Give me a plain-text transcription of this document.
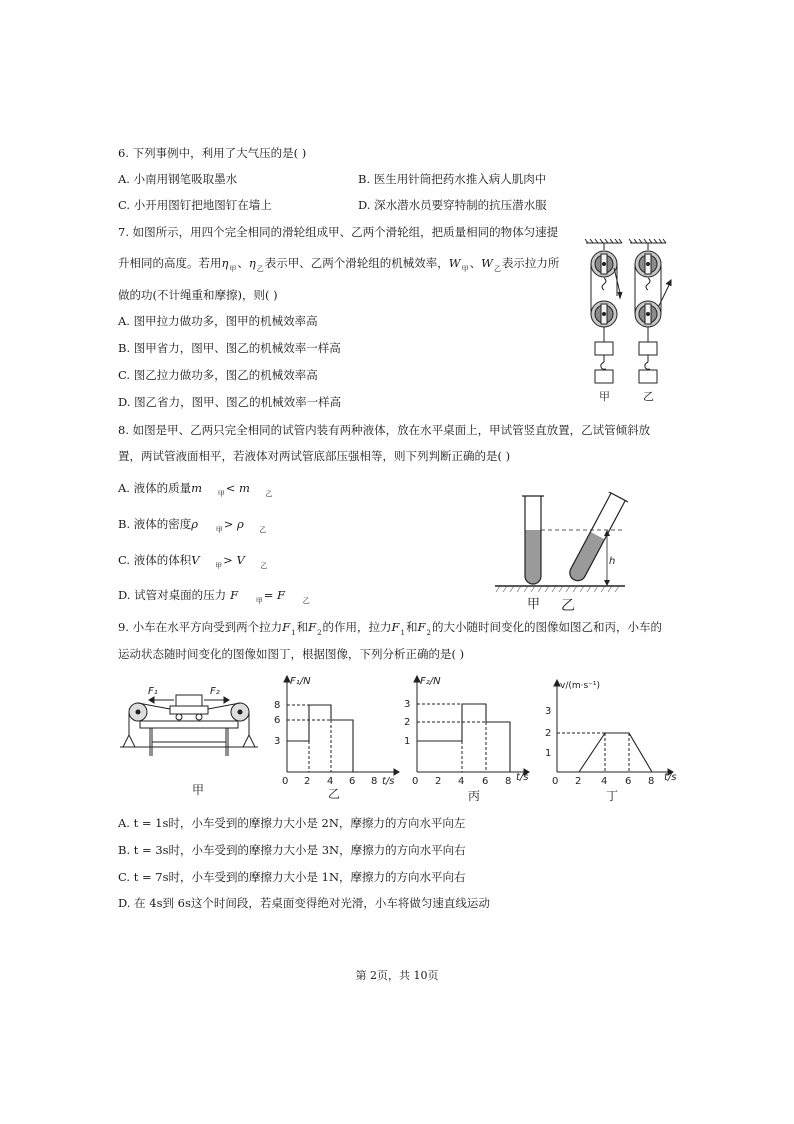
6. 下列事例中，利用了大气压的是( )
A. 小南用钢笔吸取墨水	B. 医生用针筒把药水推入病人肌肉中
C. 小开用图钉把地图钉在墙上	D. 深水潜水员要穿特制的抗压潜水服
7. 如图所示，用四个完全相同的滑轮组成甲、乙两个滑轮组，把质量相同的物体匀速提
升相同的高度。若用$\eta_甲$、$\eta_乙$表示甲、乙两个滑轮组的机械效率，$W_甲$、$W_乙$表示拉力所
做的功(不计绳重和摩擦)，则( )
A. 图甲拉力做功多，图甲的机械效率高
B. 图甲省力，图甲、图乙的机械效率一样高
C. 图乙拉力做功多，图乙的机械效率高
D. 图乙省力，图甲、图乙的机械效率一样高	甲	乙
8. 如图是甲、乙两只完全相同的试管内装有两种液体，放在水平桌面上，甲试管竖直放置，乙试管倾斜放
置，两试管液面相平，若液体对两试管底部压强相等，则下列判断正确的是( )
A. 液体的质量m $_甲$< m $_乙$
B. 液体的密度ρ	$_甲$> ρ $_乙$
C. 液体的体积V $_甲$> V $_乙$
D. 试管对桌面的压力 F	$_甲$= F	$_乙$
h
甲 乙
9. 小车在水平方向受到两个拉力$F_1$和$F_2$的作用，拉力$F_1$和$F_2$的大小随时间变化的图像如图乙和丙，小车的
运动状态随时间变化的图像如图丁，根据图像，下列分析正确的是( )
F₁	F₂
甲
F₁/N
8
6
3
0 2 4 6 8 t/s
乙
F₂/N
3
2
1
0 2 4 6 8 t/s
丙
v/(m·s⁻¹)
3
2
1
0 2 4 6 8 t/s
丁
A. t = 1s时，小车受到的摩擦力大小是 2N，摩擦力的方向水平向左
B. t = 3s时，小车受到的摩擦力大小是 3N，摩擦力的方向水平向右
C. t = 7s时，小车受到的摩擦力大小是 1N，摩擦力的方向水平向右
D. 在 4s到 6s这个时间段，若桌面变得绝对光滑，小车将做匀速直线运动
第 2页，共 10页
